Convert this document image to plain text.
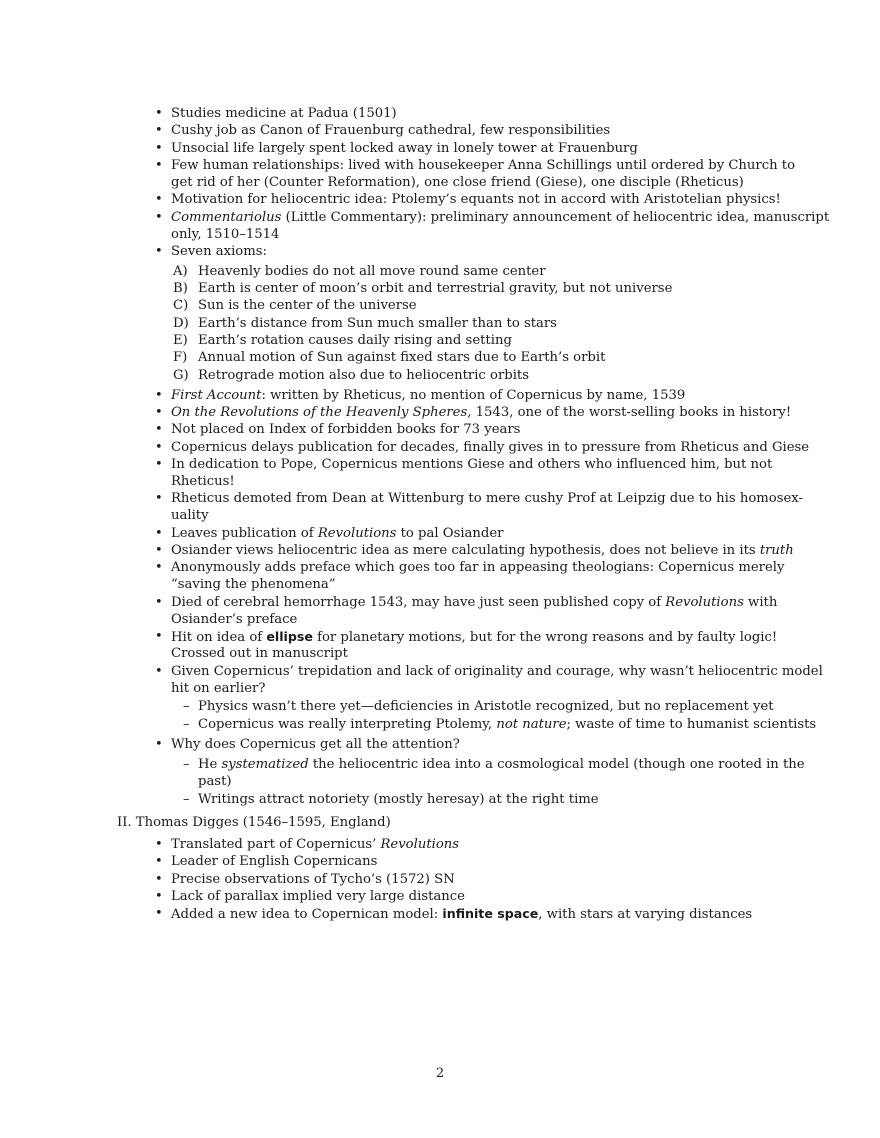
• Studies medicine at Padua (1501)
• Cushy job as Canon of Frauenburg cathedral, few responsibilities
• Unsocial life largely spent locked away in lonely tower at Frauenburg
• Few human relationships: lived with housekeeper Anna Schillings until ordered by Church to
get rid of her (Counter Reformation), one close friend (Giese), one disciple (Rheticus)
• Motivation for heliocentric idea: Ptolemy’s equants not in accord with Aristotelian physics!
• Commentariolus (Little Commentary): preliminary announcement of heliocentric idea, manuscript
only, 1510–1514
• Seven axioms:
A) Heavenly bodies do not all move round same center
B) Earth is center of moon’s orbit and terrestrial gravity, but not universe
C) Sun is the center of the universe
D) Earth’s distance from Sun much smaller than to stars
E) Earth’s rotation causes daily rising and setting
F) Annual motion of Sun against fixed stars due to Earth’s orbit
G) Retrograde motion also due to heliocentric orbits
• First Account: written by Rheticus, no mention of Copernicus by name, 1539
• On the Revolutions of the Heavenly Spheres, 1543, one of the worst-selling books in history!
• Not placed on Index of forbidden books for 73 years
• Copernicus delays publication for decades, finally gives in to pressure from Rheticus and Giese
• In dedication to Pope, Copernicus mentions Giese and others who influenced him, but not
Rheticus!
• Rheticus demoted from Dean at Wittenburg to mere cushy Prof at Leipzig due to his homosex-
uality
• Leaves publication of Revolutions to pal Osiander
• Osiander views heliocentric idea as mere calculating hypothesis, does not believe in its truth
• Anonymously adds preface which goes too far in appeasing theologians: Copernicus merely
“saving the phenomena”
• Died of cerebral hemorrhage 1543, may have just seen published copy of Revolutions with
Osiander’s preface
• Hit on idea of ellipse for planetary motions, but for the wrong reasons and by faulty logic!
Crossed out in manuscript
• Given Copernicus’ trepidation and lack of originality and courage, why wasn’t heliocentric model
hit on earlier?
– Physics wasn’t there yet—deficiencies in Aristotle recognized, but no replacement yet
– Copernicus was really interpreting Ptolemy, not nature; waste of time to humanist scientists
• Why does Copernicus get all the attention?
– He systematized the heliocentric idea into a cosmological model (though one rooted in the
past)
– Writings attract notoriety (mostly heresay) at the right time
II. Thomas Digges (1546–1595, England)
• Translated part of Copernicus’ Revolutions
• Leader of English Copernicans
• Precise observations of Tycho’s (1572) SN
• Lack of parallax implied very large distance
• Added a new idea to Copernican model: infinite space, with stars at varying distances
2
